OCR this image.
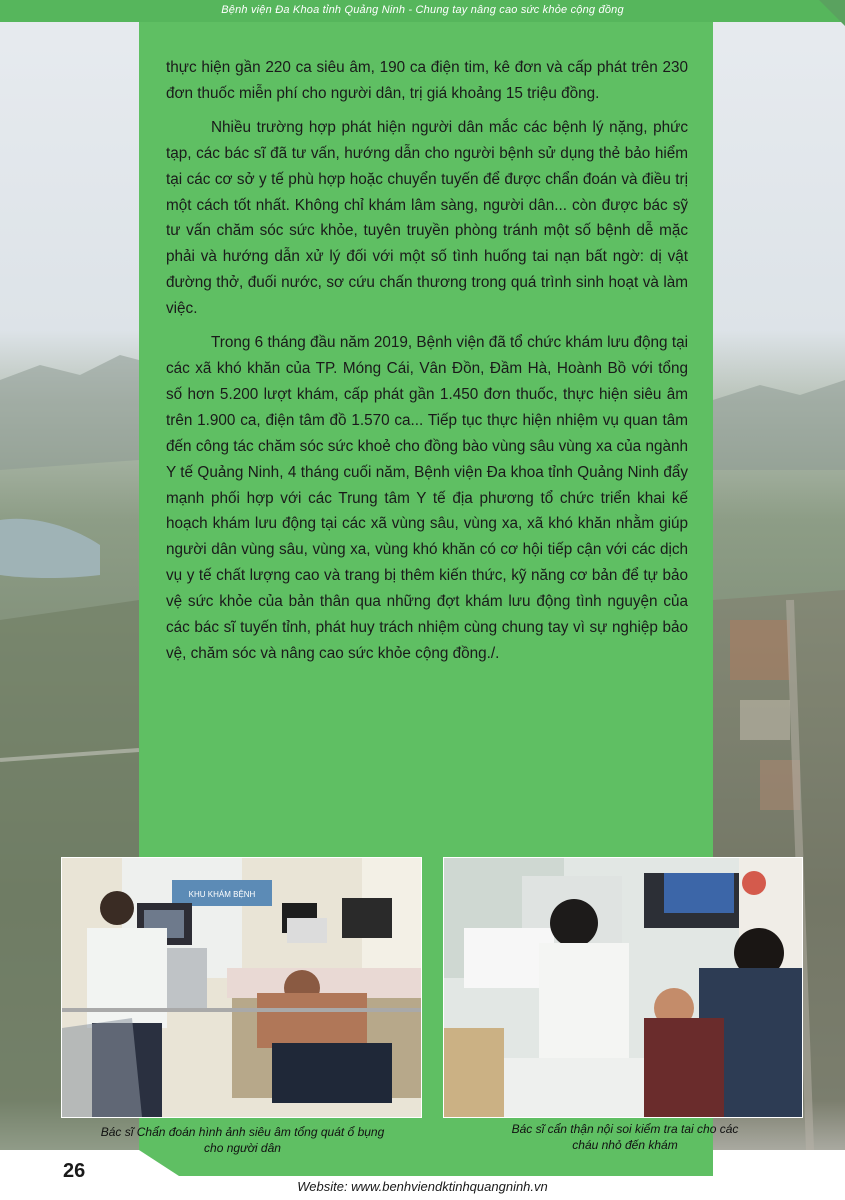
Bệnh viện Đa Khoa tỉnh Quảng Ninh - Chung tay nâng cao sức khỏe cộng đồng

thực hiện gần 220 ca siêu âm, 190 ca điện tim, kê đơn và cấp phát trên 230 đơn thuốc miễn phí cho người dân, trị giá khoảng 15 triệu đồng.

Nhiều trường hợp phát hiện người dân mắc các bệnh lý nặng, phức tạp, các bác sĩ đã tư vấn, hướng dẫn cho người bệnh sử dụng thẻ bảo hiểm tại các cơ sở y tế phù hợp hoặc chuyển tuyến để được chẩn đoán và điều trị một cách tốt nhất. Không chỉ khám lâm sàng, người dân... còn được bác sỹ tư vấn chăm sóc sức khỏe, tuyên truyền phòng tránh một số bệnh dễ mặc phải và hướng dẫn xử lý đối với một số tình huống tai nạn bất ngờ: dị vật đường thở, đuối nước, sơ cứu chấn thương trong quá trình sinh hoạt và làm việc.

Trong 6 tháng đầu năm 2019, Bệnh viện đã tổ chức khám lưu động tại các xã khó khăn của TP. Móng Cái, Vân Đồn, Đầm Hà, Hoành Bồ với tổng số hơn 5.200 lượt khám, cấp phát gần 1.450 đơn thuốc, thực hiện siêu âm trên 1.900 ca, điện tâm đồ 1.570 ca... Tiếp tục thực hiện nhiệm vụ quan tâm đến công tác chăm sóc sức khoẻ cho đồng bào vùng sâu vùng xa của ngành Y tế Quảng Ninh, 4 tháng cuối năm, Bệnh viện Đa khoa tỉnh Quảng Ninh đẩy mạnh phối hợp với các Trung tâm Y tế địa phương tổ chức triển khai kế hoạch khám lưu động tại các xã vùng sâu, vùng xa, xã khó khăn nhằm giúp người dân vùng sâu, vùng xa, vùng khó khăn có cơ hội tiếp cận với các dịch vụ y tế chất lượng cao và trang bị thêm kiến thức, kỹ năng cơ bản để tự bảo vệ sức khỏe của bản thân qua những đợt khám lưu động tình nguyện của các bác sĩ tuyến tỉnh, phát huy trách nhiệm cùng chung tay vì sự nghiệp bảo vệ, chăm sóc và nâng cao sức khỏe cộng đồng./.

KHU KHÁM BỆNH
Bác sĩ Chẩn đoán hình ảnh siêu âm tổng quát ổ bụng
cho người dân
Bác sĩ cẩn thận nội soi kiểm tra tai cho các
cháu nhỏ đến khám
26
Website: www.benhviendktinhquangninh.vn
